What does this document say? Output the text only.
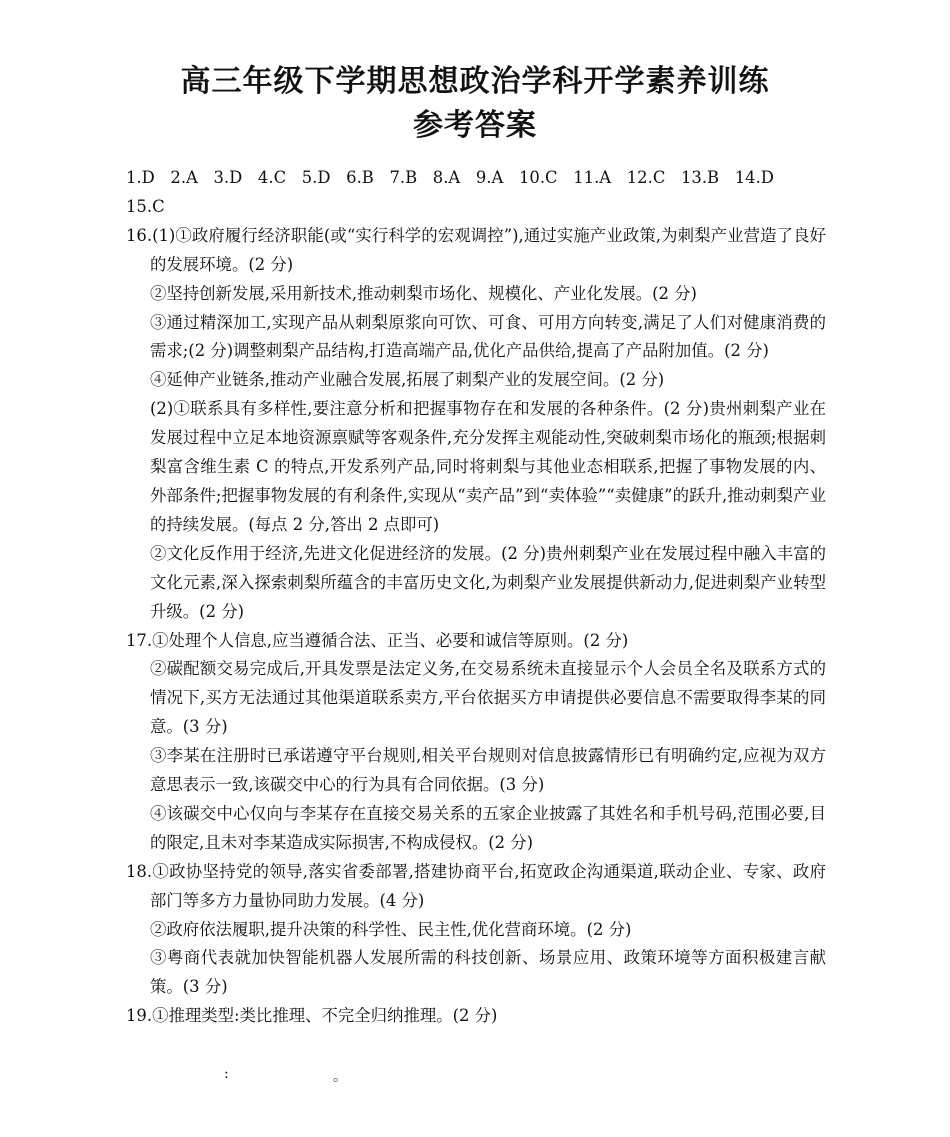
高三年级下学期思想政治学科开学素养训练
参考答案

1.D   2.A   3.D   4.C   5.D   6.B   7.B   8.A   9.A   10.C   11.A   12.C   13.B   14.D

15.C

16.(1)①政府履行经济职能(或“实行科学的宏观调控”),通过实施产业政策,为刺梨产业营造了良好的发展环境。(2 分)

②坚持创新发展,采用新技术,推动刺梨市场化、规模化、产业化发展。(2 分)

③通过精深加工,实现产品从刺梨原浆向可饮、可食、可用方向转变,满足了人们对健康消费的需求;(2 分)调整刺梨产品结构,打造高端产品,优化产品供给,提高了产品附加值。(2 分)

④延伸产业链条,推动产业融合发展,拓展了刺梨产业的发展空间。(2 分)

(2)①联系具有多样性,要注意分析和把握事物存在和发展的各种条件。(2 分)贵州刺梨产业在发展过程中立足本地资源禀赋等客观条件,充分发挥主观能动性,突破刺梨市场化的瓶颈;根据刺梨富含维生素 C 的特点,开发系列产品,同时将刺梨与其他业态相联系,把握了事物发展的内、外部条件;把握事物发展的有利条件,实现从“卖产品”到“卖体验”“卖健康”的跃升,推动刺梨产业的持续发展。(每点 2 分,答出 2 点即可)

②文化反作用于经济,先进文化促进经济的发展。(2 分)贵州刺梨产业在发展过程中融入丰富的文化元素,深入探索刺梨所蕴含的丰富历史文化,为刺梨产业发展提供新动力,促进刺梨产业转型升级。(2 分)

17.①处理个人信息,应当遵循合法、正当、必要和诚信等原则。(2 分)

②碳配额交易完成后,开具发票是法定义务,在交易系统未直接显示个人会员全名及联系方式的情况下,买方无法通过其他渠道联系卖方,平台依据买方申请提供必要信息不需要取得李某的同意。(3 分)

③李某在注册时已承诺遵守平台规则,相关平台规则对信息披露情形已有明确约定,应视为双方意思表示一致,该碳交中心的行为具有合同依据。(3 分)

④该碳交中心仅向与李某存在直接交易关系的五家企业披露了其姓名和手机号码,范围必要,目的限定,且未对李某造成实际损害,不构成侵权。(2 分)

18.①政协坚持党的领导,落实省委部署,搭建协商平台,拓宽政企沟通渠道,联动企业、专家、政府部门等多方力量协同助力发展。(4 分)

②政府依法履职,提升决策的科学性、民主性,优化营商环境。(2 分)

③粤商代表就加快智能机器人发展所需的科技创新、场景应用、政策环境等方面积极建言献策。(3 分)

19.①推理类型:类比推理、不完全归纳推理。(2 分)

:	。
